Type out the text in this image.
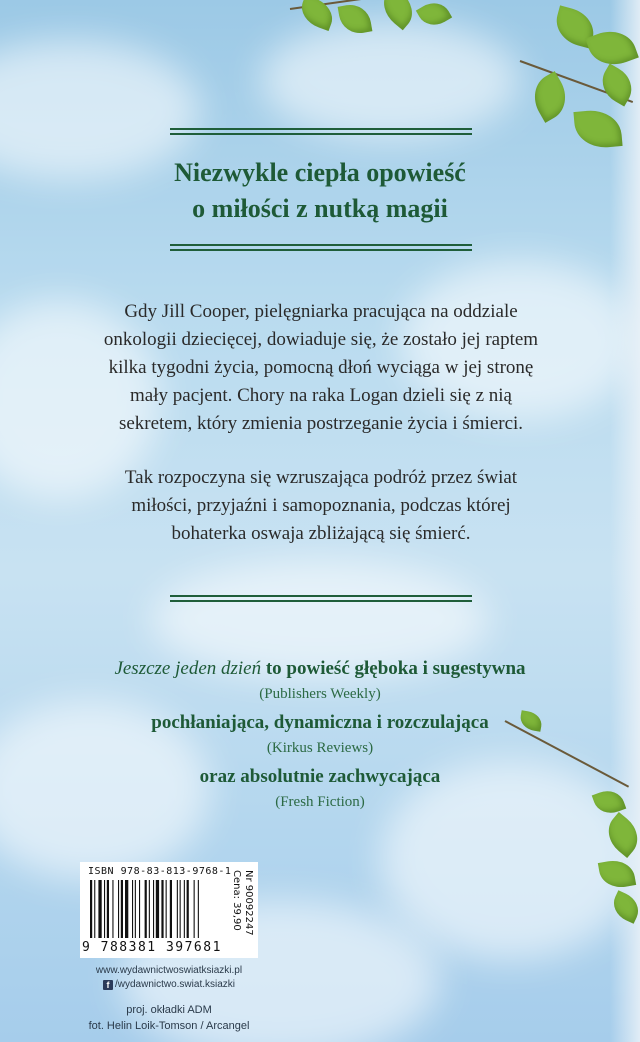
Niezwykle ciepła opowieść
o miłości z nutką magii
Gdy Jill Cooper, pielęgniarka pracująca na oddziale
onkologii dziecięcej, dowiaduje się, że zostało jej raptem
kilka tygodni życia, pomocną dłoń wyciąga w jej stronę
mały pacjent. Chory na raka Logan dzieli się z nią
sekretem, który zmienia postrzeganie życia i śmierci.
Tak rozpoczyna się wzruszająca podróż przez świat
miłości, przyjaźni i samopoznania, podczas której
bohaterka oswaja zbliżającą się śmierć.
Jeszcze jeden dzień to powieść głęboka i sugestywna
(Publishers Weekly)
pochłaniająca, dynamiczna i rozczulająca
(Kirkus Reviews)
oraz absolutnie zachwycająca
(Fresh Fiction)
ISBN 978-83-813-9768-1
9 788381 397681
Nr 90092247
Cena: 39,90
www.wydawnictwoswiatksiazki.pl
f /wydawnictwo.swiat.ksiazki
proj. okładki ADM
fot. Helin Loik-Tomson / Arcangel
